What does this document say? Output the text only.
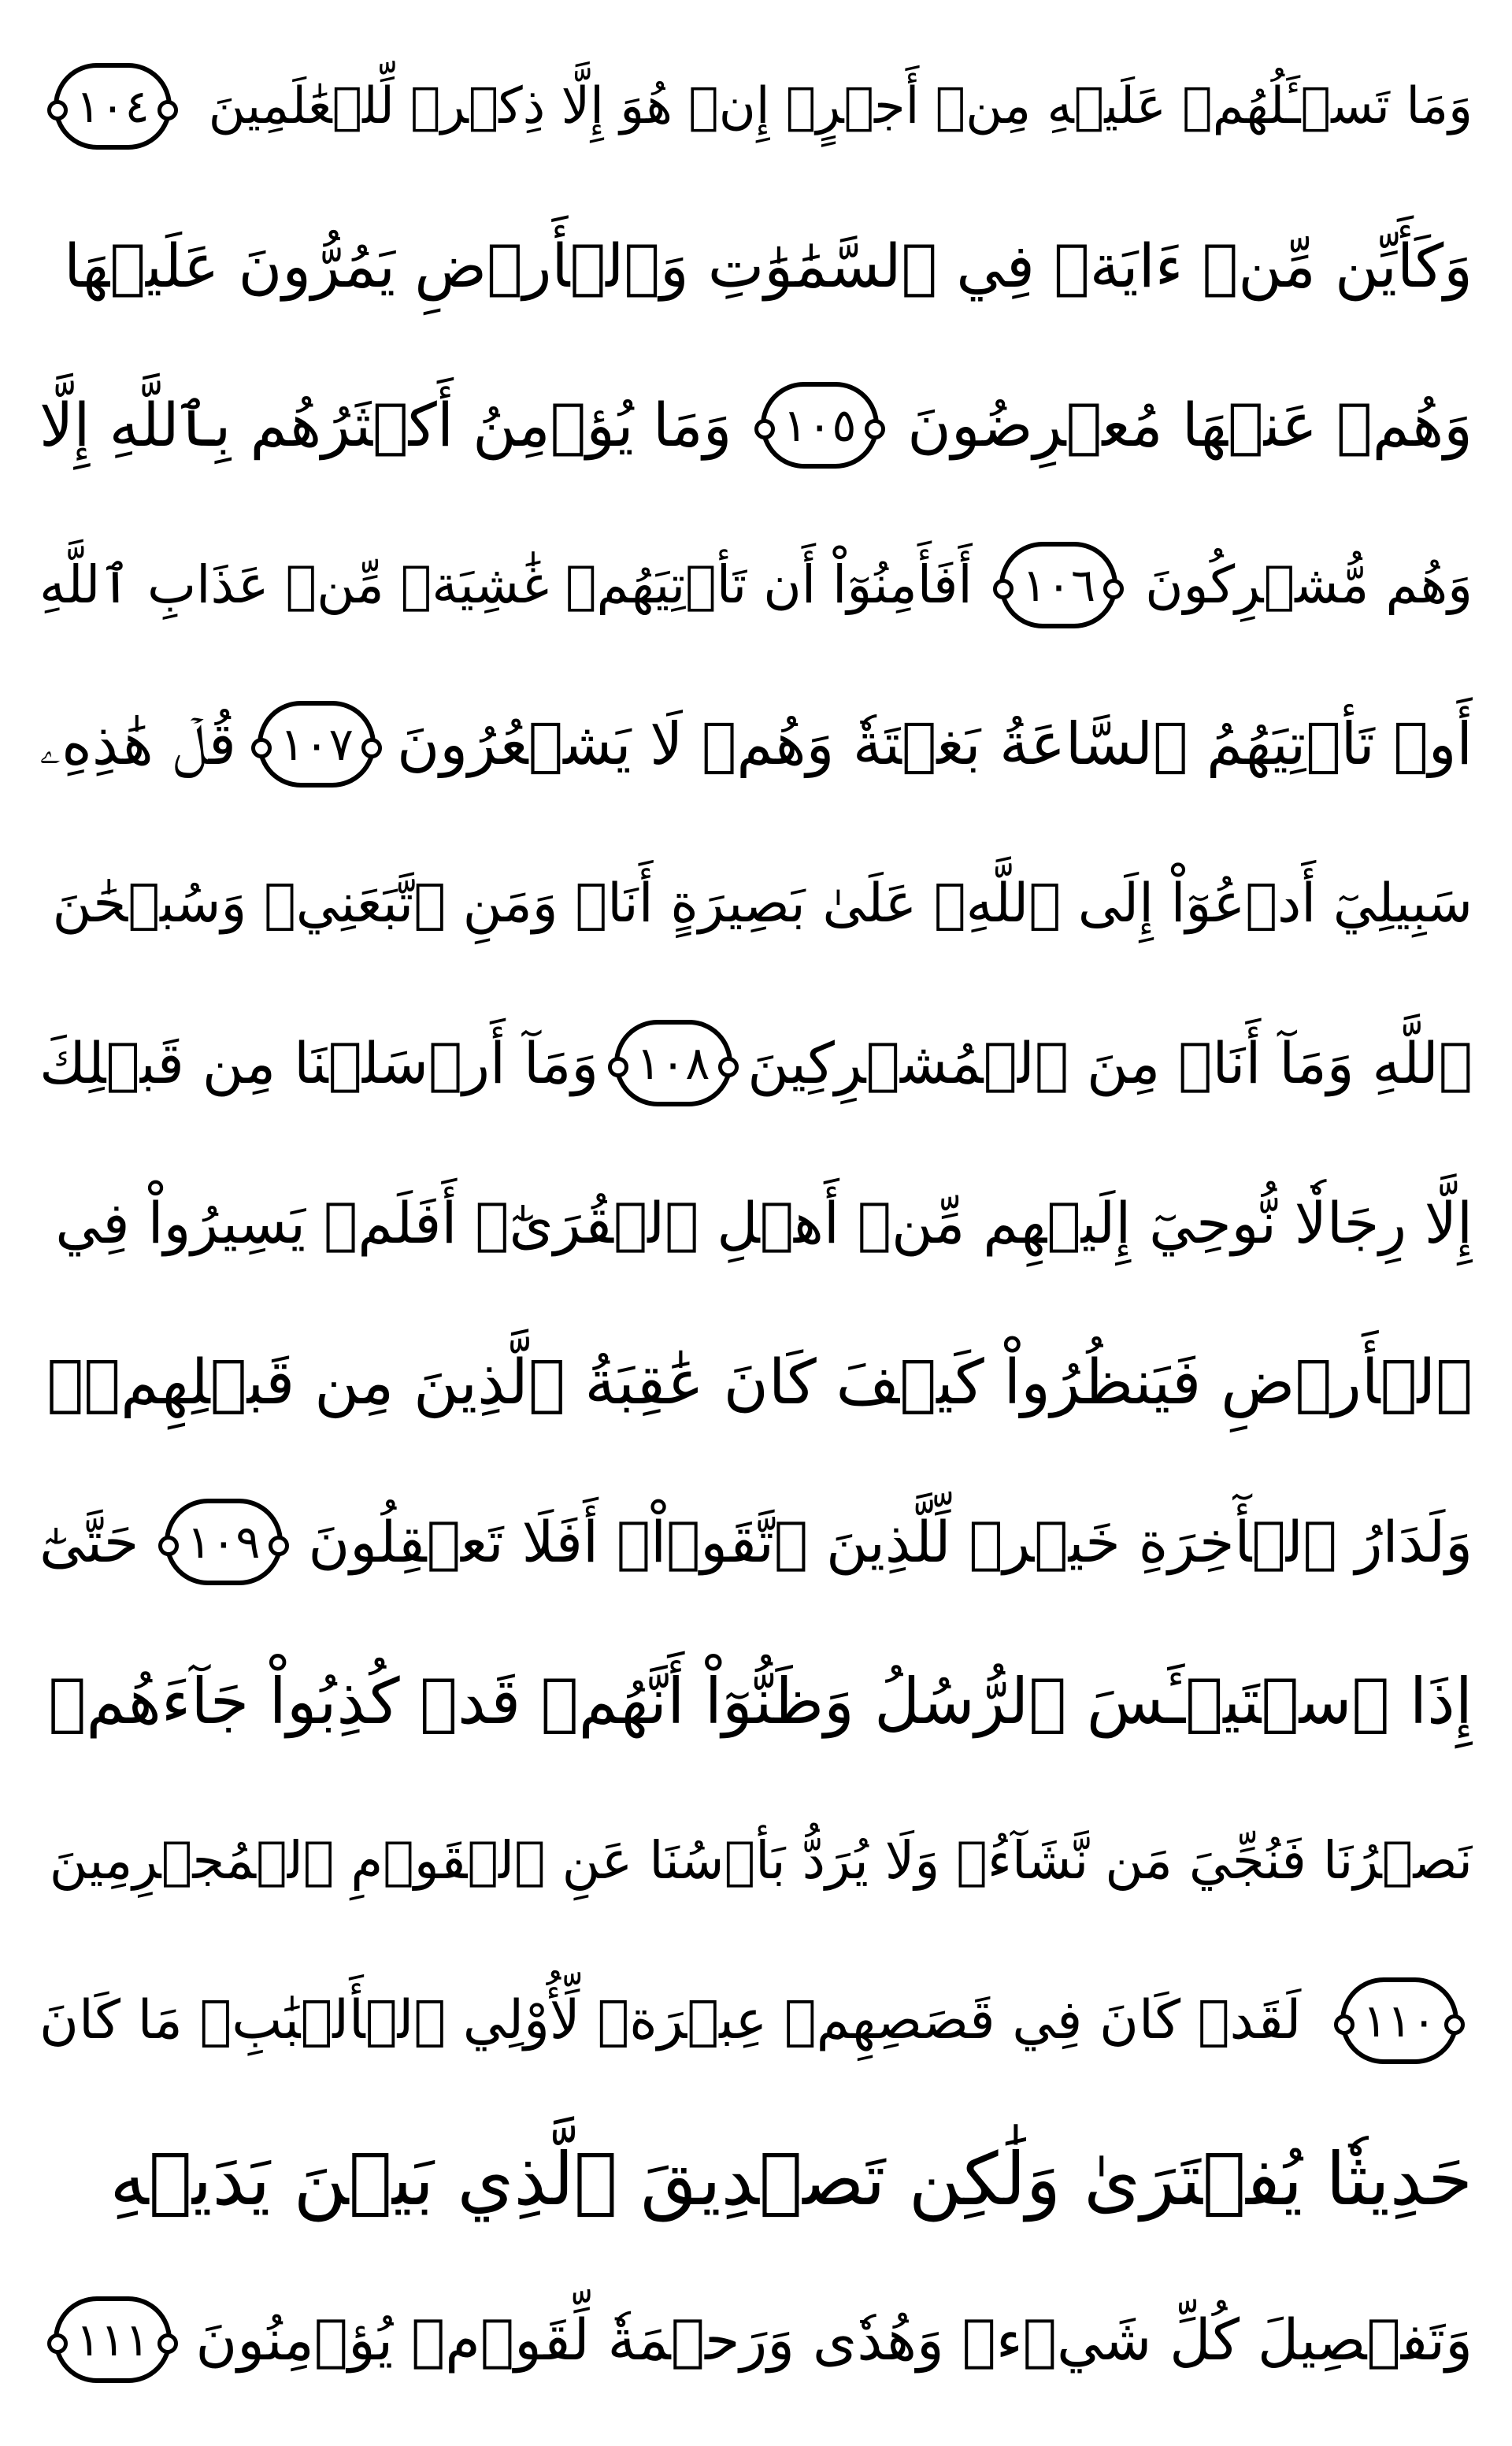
وَمَا تَسۡـَٔلُهُمۡ عَلَيۡهِ مِنۡ أَجۡرٍۚ إِنۡ هُوَ إِلَّا ذِكۡرٞ لِّلۡعَٰلَمِينَ
١٠٤
وَكَأَيِّن مِّنۡ ءَايَةٖ فِي ٱلسَّمَٰوَٰتِ وَٱلۡأَرۡضِ يَمُرُّونَ عَلَيۡهَا
وَهُمۡ عَنۡهَا مُعۡرِضُونَ
١٠٥
وَمَا يُؤۡمِنُ أَكۡثَرُهُم بِٱللَّهِ إِلَّا
وَهُم مُّشۡرِكُونَ
١٠٦
أَفَأَمِنُوٓاْ أَن تَأۡتِيَهُمۡ غَٰشِيَةٞ مِّنۡ عَذَابِ ٱللَّهِ
أَوۡ تَأۡتِيَهُمُ ٱلسَّاعَةُ بَغۡتَةٗ وَهُمۡ لَا يَشۡعُرُونَ
١٠٧
قُلۡ هَٰذِهِۦ
سَبِيلِيٓ أَدۡعُوٓاْ إِلَى ٱللَّهِۚ عَلَىٰ بَصِيرَةٍ أَنَا۠ وَمَنِ ٱتَّبَعَنِيۖ وَسُبۡحَٰنَ
ٱللَّهِ وَمَآ أَنَا۠ مِنَ ٱلۡمُشۡرِكِينَ
١٠٨
وَمَآ أَرۡسَلۡنَا مِن قَبۡلِكَ
إِلَّا رِجَالٗا نُّوحِيٓ إِلَيۡهِم مِّنۡ أَهۡلِ ٱلۡقُرَىٰٓۗ أَفَلَمۡ يَسِيرُواْ فِي
ٱلۡأَرۡضِ فَيَنظُرُواْ كَيۡفَ كَانَ عَٰقِبَةُ ٱلَّذِينَ مِن قَبۡلِهِمۡۗ
وَلَدَارُ ٱلۡأٓخِرَةِ خَيۡرٞ لِّلَّذِينَ ٱتَّقَوۡاْۚ أَفَلَا تَعۡقِلُونَ
١٠٩
حَتَّىٰٓ
إِذَا ٱسۡتَيۡـَٔسَ ٱلرُّسُلُ وَظَنُّوٓاْ أَنَّهُمۡ قَدۡ كُذِبُواْ جَآءَهُمۡ
نَصۡرُنَا فَنُجِّيَ مَن نَّشَآءُۖ وَلَا يُرَدُّ بَأۡسُنَا عَنِ ٱلۡقَوۡمِ ٱلۡمُجۡرِمِينَ
١١٠
لَقَدۡ كَانَ فِي قَصَصِهِمۡ عِبۡرَةٞ لِّأُوْلِي ٱلۡأَلۡبَٰبِۗ مَا كَانَ
حَدِيثٗا يُفۡتَرَىٰ وَلَٰكِن تَصۡدِيقَ ٱلَّذِي بَيۡنَ يَدَيۡهِ
وَتَفۡصِيلَ كُلِّ شَيۡءٖ وَهُدٗى وَرَحۡمَةٗ لِّقَوۡمٖ يُؤۡمِنُونَ
١١١
